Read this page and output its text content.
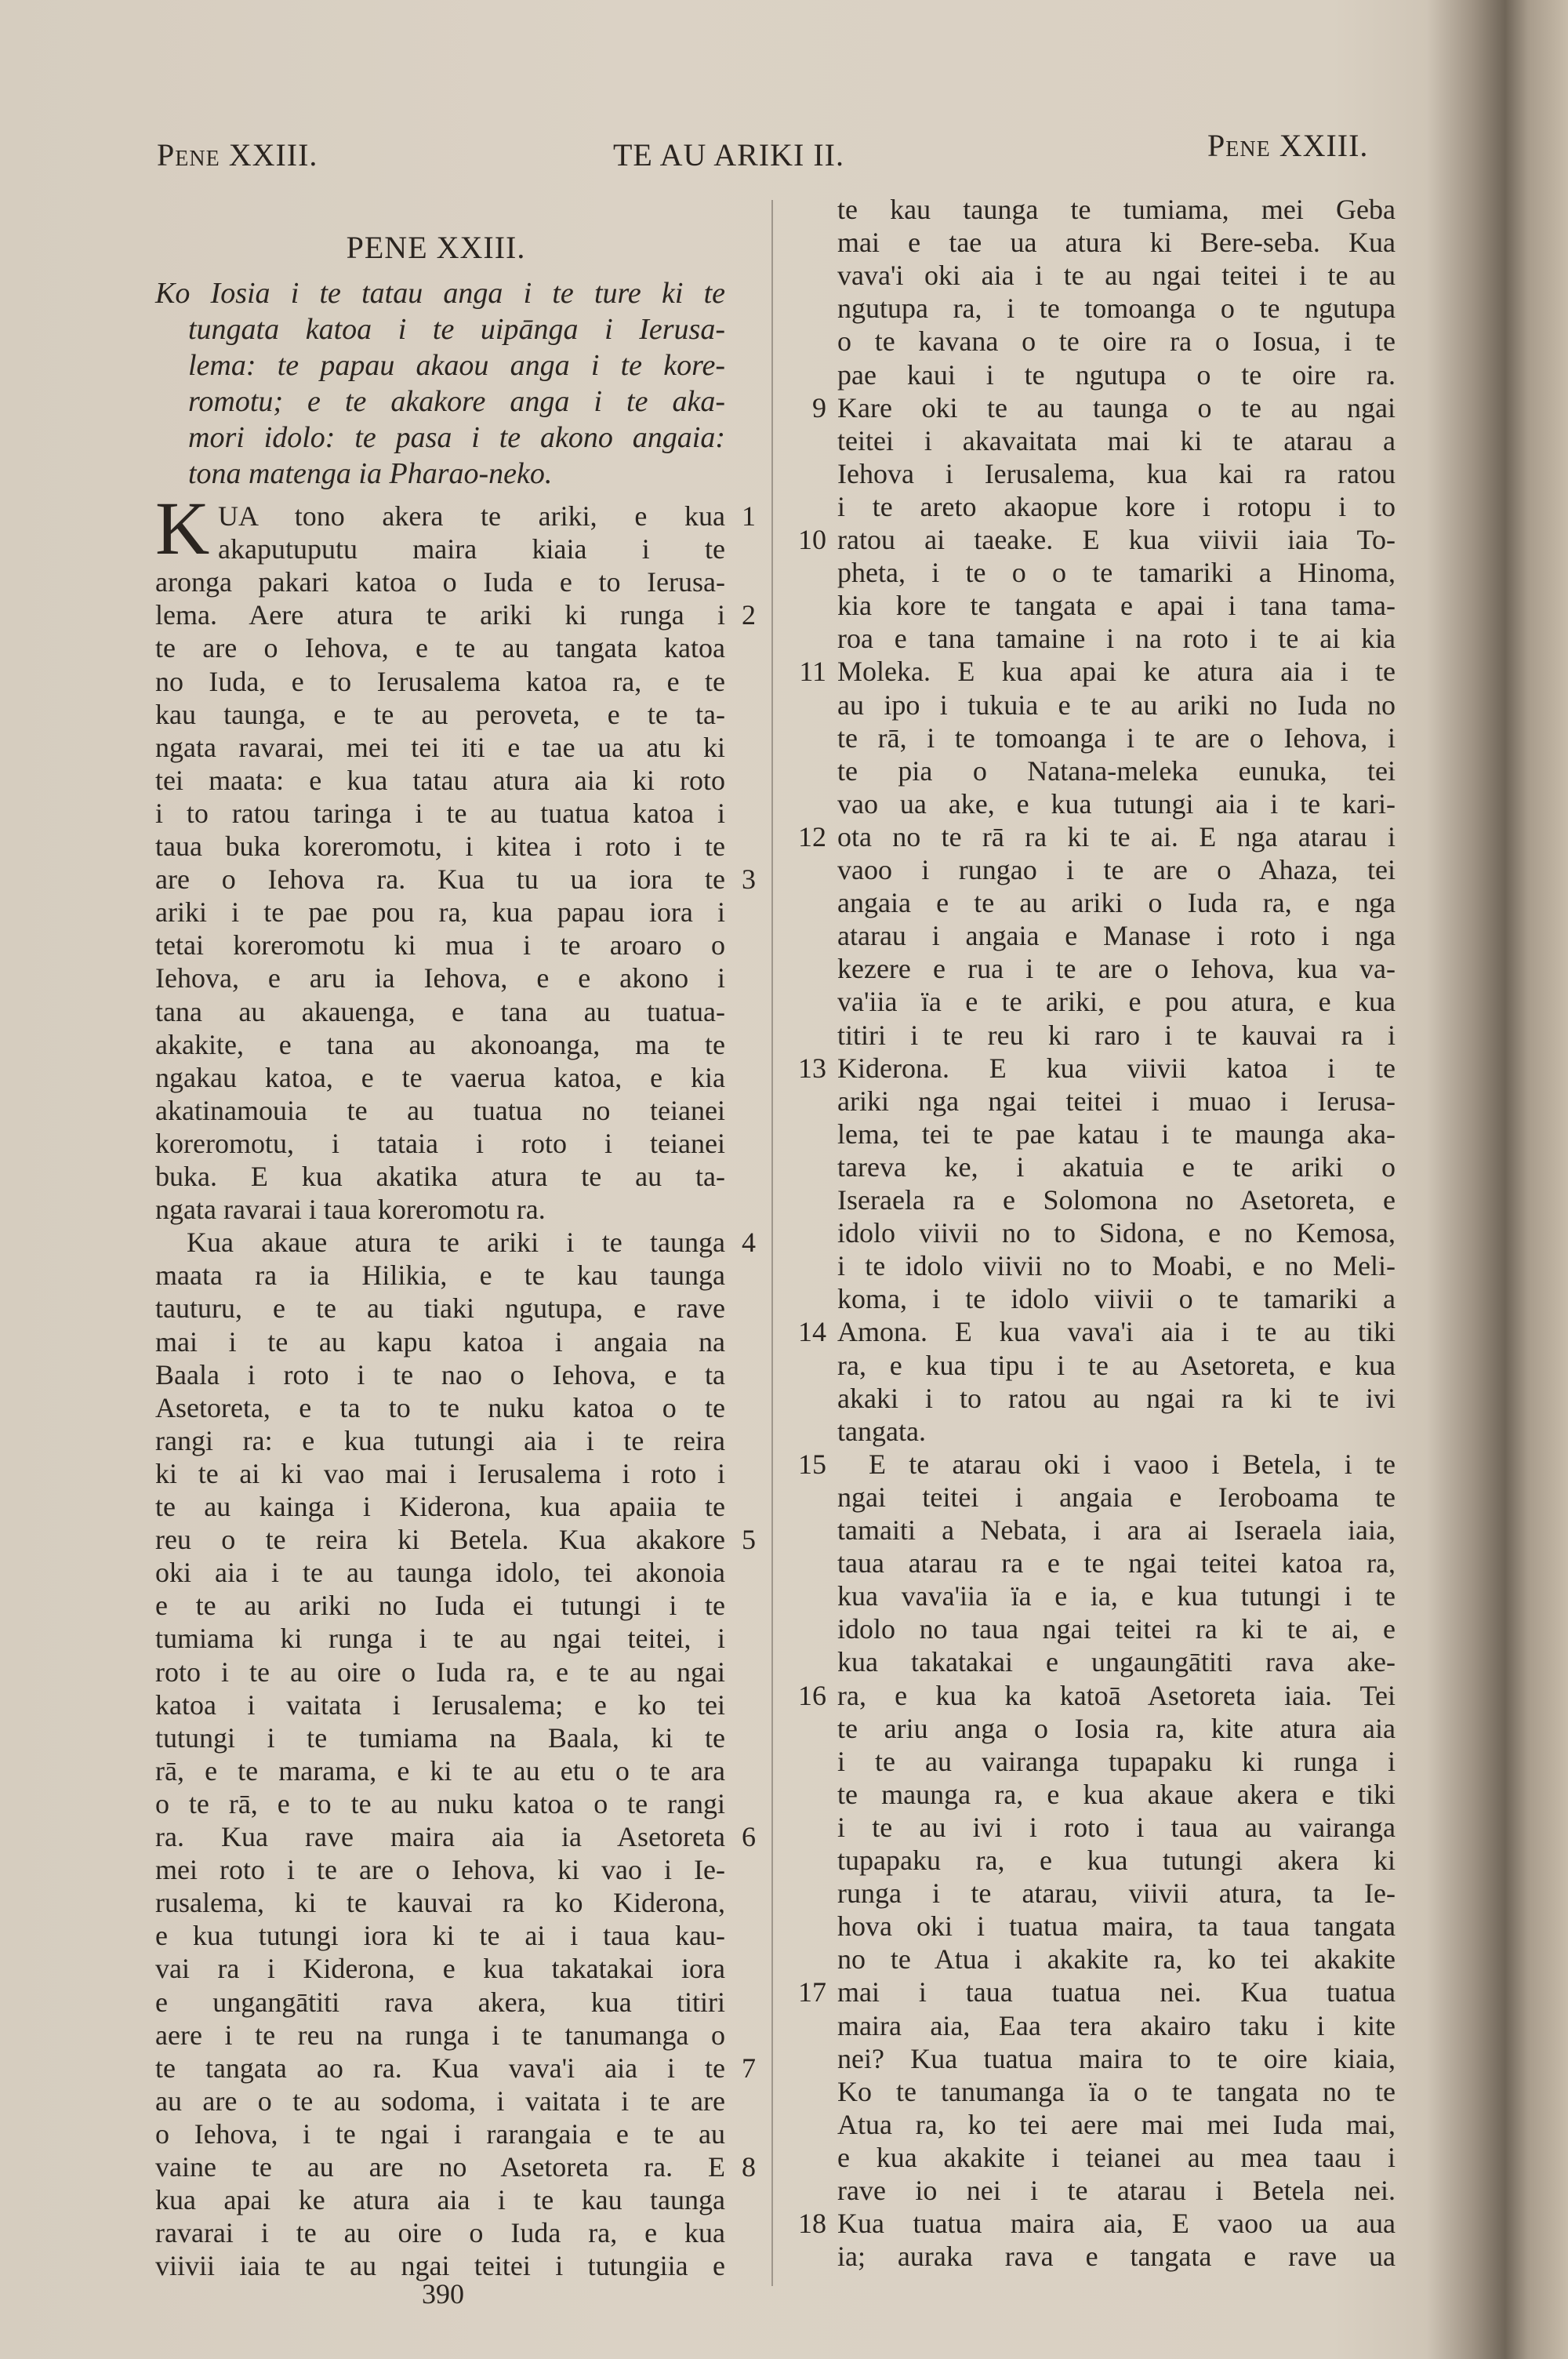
PENE XXIII.	TE AU ARIKI II.	PENE XXIII.
PENE XXIII.
Ko Iosia i te tatau anga i te ture ki te
tungata katoa i te uipānga i Ierusa-
lema: te papau akaou anga i te kore-
romotu; e te akakore anga i te aka-
mori idolo: te pasa i te akono angaia:
tona matenga ia Pharao-neko.
K UA tono akera te ariki, e kua 1
akaputuputu maira kiaia i te
aronga pakari katoa o Iuda e to Ierusa-
lema. Aere atura te ariki ki runga i 2
te are o Iehova, e te au tangata katoa
no Iuda, e to Ierusalema katoa ra, e te
kau taunga, e te au peroveta, e te ta-
ngata ravarai, mei tei iti e tae ua atu ki
tei maata: e kua tatau atura aia ki roto
i to ratou taringa i te au tuatua katoa i
taua buka koreromotu, i kitea i roto i te
are o Iehova ra. Kua tu ua iora te 3
ariki i te pae pou ra, kua papau iora i
tetai koreromotu ki mua i te aroaro o
Iehova, e aru ia Iehova, e e akono i
tana au akauenga, e tana au tuatua-
akakite, e tana au akonoanga, ma te
ngakau katoa, e te vaerua katoa, e kia
akatinamouia te au tuatua no teianei
koreromotu, i tataia i roto i teianei
buka. E kua akatika atura te au ta-
ngata ravarai i taua koreromotu ra.
Kua akaue atura te ariki i te taunga 4
maata ra ia Hilikia, e te kau taunga
tauturu, e te au tiaki ngutupa, e rave
mai i te au kapu katoa i angaia na
Baala i roto i te nao o Iehova, e ta
Asetoreta, e ta to te nuku katoa o te
rangi ra: e kua tutungi aia i te reira
ki te ai ki vao mai i Ierusalema i roto i
te au kainga i Kiderona, kua apaiia te
reu o te reira ki Betela. Kua akakore 5
oki aia i te au taunga idolo, tei akonoia
e te au ariki no Iuda ei tutungi i te
tumiama ki runga i te au ngai teitei, i
roto i te au oire o Iuda ra, e te au ngai
katoa i vaitata i Ierusalema; e ko tei
tutungi i te tumiama na Baala, ki te
rā, e te marama, e ki te au etu o te ara
o te rā, e to te au nuku katoa o te rangi
ra. Kua rave maira aia ia Asetoreta 6
mei roto i te are o Iehova, ki vao i Ie-
rusalema, ki te kauvai ra ko Kiderona,
e kua tutungi iora ki te ai i taua kau-
vai ra i Kiderona, e kua takatakai iora
e ungangātiti rava akera, kua titiri
aere i te reu na runga i te tanumanga o
te tangata ao ra. Kua vava'i aia i te 7
au are o te au sodoma, i vaitata i te are
o Iehova, i te ngai i rarangaia e te au
vaine te au are no Asetoreta ra. E 8
kua apai ke atura aia i te kau taunga
ravarai i te au oire o Iuda ra, e kua
viivii iaia te au ngai teitei i tutungiia e
te kau taunga te tumiama, mei Geba
mai e tae ua atura ki Bere-seba. Kua
vava'i oki aia i te au ngai teitei i te au
ngutupa ra, i te tomoanga o te ngutupa
o te kavana o te oire ra o Iosua, i te
pae kaui i te ngutupa o te oire ra.
Kare oki te au taunga o te au ngai
9
teitei i akavaitata mai ki te atarau a
Iehova i Ierusalema, kua kai ra ratou
i te areto akaopue kore i rotopu i to
ratou ai taeake. E kua viivii iaia To-
10
pheta, i te o o te tamariki a Hinoma,
kia kore te tangata e apai i tana tama-
roa e tana tamaine i na roto i te ai kia
Moleka. E kua apai ke atura aia i te
11
au ipo i tukuia e te au ariki no Iuda no
te rā, i te tomoanga i te are o Iehova, i
te pia o Natana-meleka eunuka, tei
vao ua ake, e kua tutungi aia i te kari-
ota no te rā ra ki te ai. E nga atarau i
12
vaoo i rungao i te are o Ahaza, tei
angaia e te au ariki o Iuda ra, e nga
atarau i angaia e Manase i roto i nga
kezere e rua i te are o Iehova, kua va-
va'iia ïa e te ariki, e pou atura, e kua
titiri i te reu ki raro i te kauvai ra i
Kiderona. E kua viivii katoa i te
13
ariki nga ngai teitei i muao i Ierusa-
lema, tei te pae katau i te maunga aka-
tareva ke, i akatuia e te ariki o
Iseraela ra e Solomona no Asetoreta, e
idolo viivii no to Sidona, e no Kemosa,
i te idolo viivii no to Moabi, e no Meli-
koma, i te idolo viivii o te tamariki a
Amona. E kua vava'i aia i te au tiki
14
ra, e kua tipu i te au Asetoreta, e kua
akaki i to ratou au ngai ra ki te ivi
tangata.
E te atarau oki i vaoo i Betela, i te
15
ngai teitei i angaia e Ieroboama te
tamaiti a Nebata, i ara ai Iseraela iaia,
taua atarau ra e te ngai teitei katoa ra,
kua vava'iia ïa e ia, e kua tutungi i te
idolo no taua ngai teitei ra ki te ai, e
kua takatakai e ungaungātiti rava ake-
ra, e kua ka katoā Asetoreta iaia. Tei
16
te ariu anga o Iosia ra, kite atura aia
i te au vairanga tupapaku ki runga i
te maunga ra, e kua akaue akera e tiki
i te au ivi i roto i taua au vairanga
tupapaku ra, e kua tutungi akera ki
runga i te atarau, viivii atura, ta Ie-
hova oki i tuatua maira, ta taua tangata
no te Atua i akakite ra, ko tei akakite
mai i taua tuatua nei. Kua tuatua
17
maira aia, Eaa tera akairo taku i kite
nei? Kua tuatua maira to te oire kiaia,
Ko te tanumanga ïa o te tangata no te
Atua ra, ko tei aere mai mei Iuda mai,
e kua akakite i teianei au mea taau i
rave io nei i te atarau i Betela nei.
Kua tuatua maira aia, E vaoo ua aua
18
ia; auraka rava e tangata e rave ua
390
